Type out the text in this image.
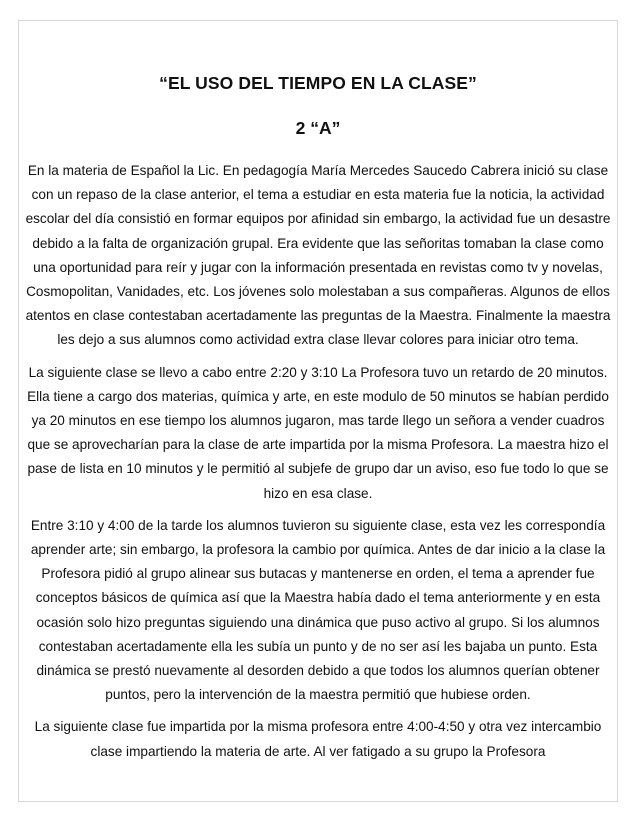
“EL USO DEL TIEMPO EN LA CLASE”
2 “A”

En la materia de Español la Lic. En pedagogía María Mercedes Saucedo Cabrera inició su clase con un repaso de la clase anterior, el tema a estudiar en esta materia fue la noticia, la actividad escolar del día consistió en formar equipos por afinidad sin embargo, la actividad fue un desastre debido a la falta de organización grupal. Era evidente que las señoritas tomaban la clase como una oportunidad para reír y jugar con la información presentada en revistas como tv y novelas, Cosmopolitan, Vanidades, etc. Los jóvenes solo molestaban a sus compañeras. Algunos de ellos atentos en clase contestaban acertadamente las preguntas de la Maestra. Finalmente la maestra les dejo a sus alumnos como actividad extra clase llevar colores para iniciar otro tema.

La siguiente clase se llevo a cabo entre 2:20 y 3:10 La Profesora tuvo un retardo de 20 minutos. Ella tiene a cargo dos materias, química y arte, en este modulo de 50 minutos se habían perdido ya 20 minutos en ese tiempo los alumnos jugaron, mas tarde llego un señora a vender cuadros que se aprovecharían para la clase de arte impartida por la misma Profesora. La maestra hizo el pase de lista en 10 minutos y le permitió al subjefe de grupo dar un aviso, eso fue todo lo que se hizo en esa clase.

Entre 3:10 y 4:00 de la tarde los alumnos tuvieron su siguiente clase, esta vez les correspondía aprender arte; sin embargo, la profesora la cambio por química. Antes de dar inicio a la clase la Profesora pidió al grupo alinear sus butacas y mantenerse en orden, el tema a aprender fue conceptos básicos de química así que la Maestra había dado el tema anteriormente y en esta ocasión solo hizo preguntas siguiendo una dinámica que puso activo al grupo. Si los alumnos contestaban acertadamente ella les subía un punto y de no ser así les bajaba un punto. Esta dinámica se prestó nuevamente al desorden debido a que todos los alumnos querían obtener puntos, pero la intervención de la maestra permitió que hubiese orden.

La siguiente clase fue impartida por la misma profesora entre 4:00-4:50 y otra vez intercambio clase impartiendo la materia de arte. Al ver fatigado a su grupo la Profesora
